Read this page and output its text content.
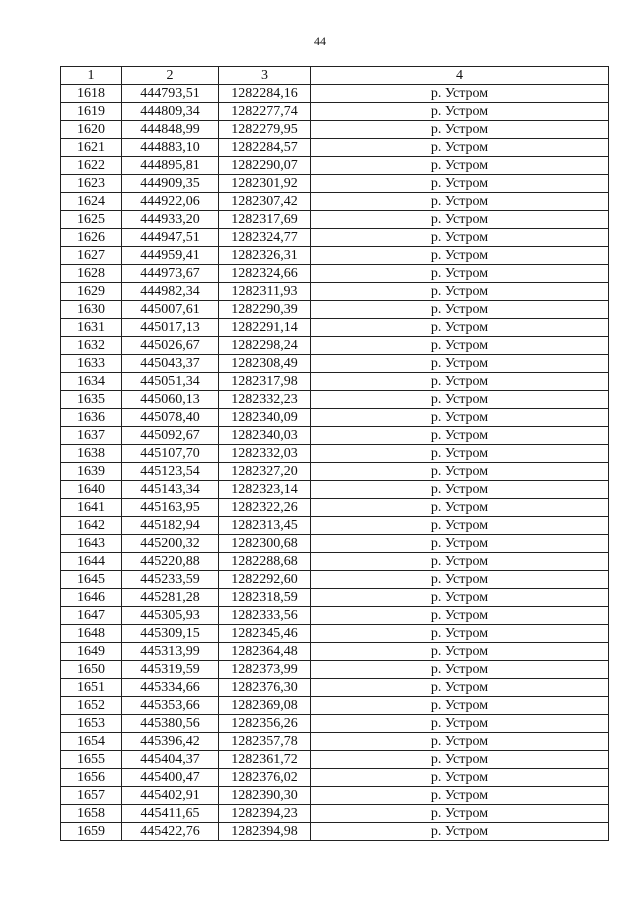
44
1	2	3	4
1618	444793,51	1282284,16	р. Устром
1619	444809,34	1282277,74	р. Устром
1620	444848,99	1282279,95	р. Устром
1621	444883,10	1282284,57	р. Устром
1622	444895,81	1282290,07	р. Устром
1623	444909,35	1282301,92	р. Устром
1624	444922,06	1282307,42	р. Устром
1625	444933,20	1282317,69	р. Устром
1626	444947,51	1282324,77	р. Устром
1627	444959,41	1282326,31	р. Устром
1628	444973,67	1282324,66	р. Устром
1629	444982,34	1282311,93	р. Устром
1630	445007,61	1282290,39	р. Устром
1631	445017,13	1282291,14	р. Устром
1632	445026,67	1282298,24	р. Устром
1633	445043,37	1282308,49	р. Устром
1634	445051,34	1282317,98	р. Устром
1635	445060,13	1282332,23	р. Устром
1636	445078,40	1282340,09	р. Устром
1637	445092,67	1282340,03	р. Устром
1638	445107,70	1282332,03	р. Устром
1639	445123,54	1282327,20	р. Устром
1640	445143,34	1282323,14	р. Устром
1641	445163,95	1282322,26	р. Устром
1642	445182,94	1282313,45	р. Устром
1643	445200,32	1282300,68	р. Устром
1644	445220,88	1282288,68	р. Устром
1645	445233,59	1282292,60	р. Устром
1646	445281,28	1282318,59	р. Устром
1647	445305,93	1282333,56	р. Устром
1648	445309,15	1282345,46	р. Устром
1649	445313,99	1282364,48	р. Устром
1650	445319,59	1282373,99	р. Устром
1651	445334,66	1282376,30	р. Устром
1652	445353,66	1282369,08	р. Устром
1653	445380,56	1282356,26	р. Устром
1654	445396,42	1282357,78	р. Устром
1655	445404,37	1282361,72	р. Устром
1656	445400,47	1282376,02	р. Устром
1657	445402,91	1282390,30	р. Устром
1658	445411,65	1282394,23	р. Устром
1659	445422,76	1282394,98	р. Устром
